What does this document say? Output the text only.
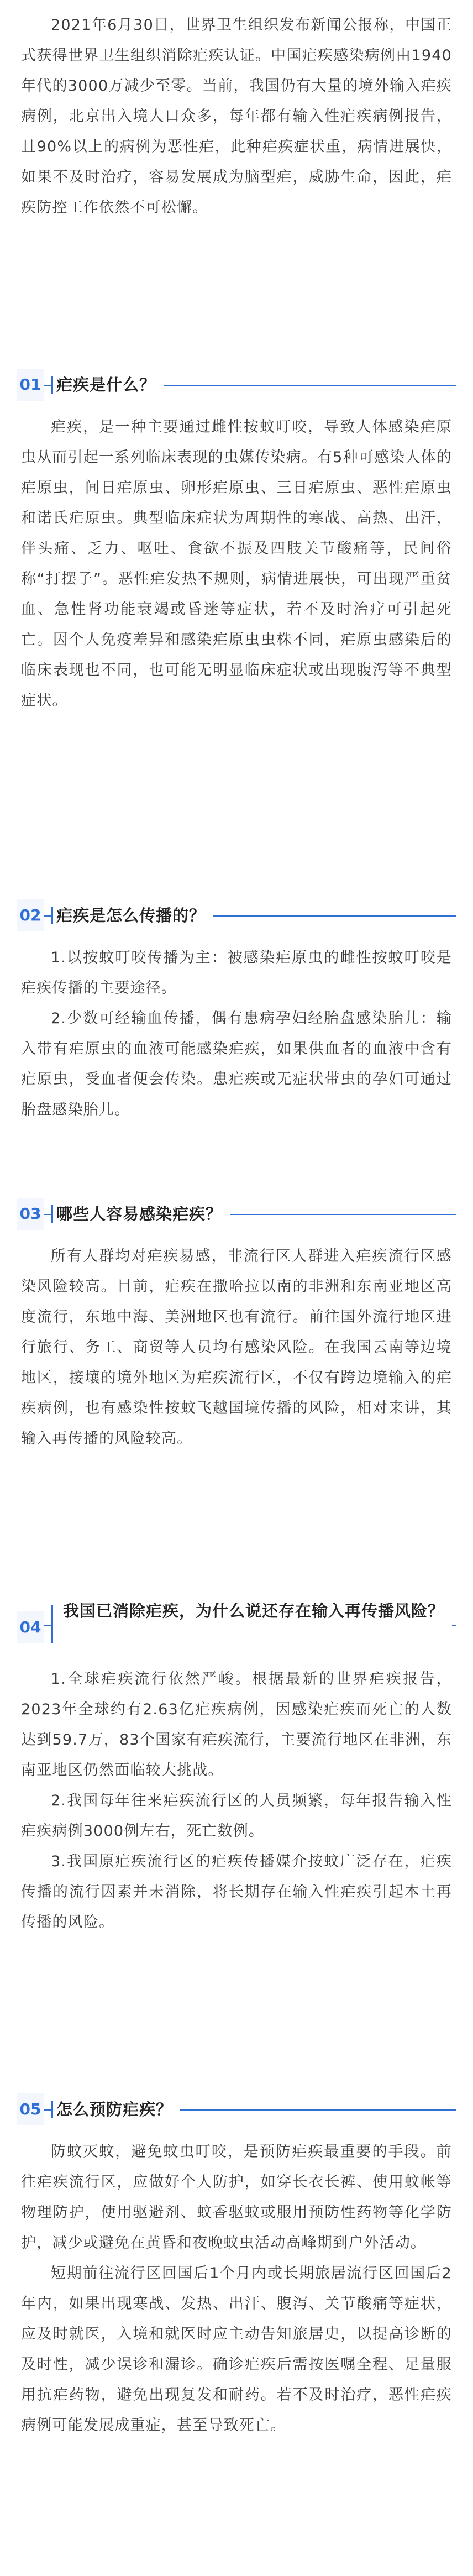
2021年6月30日，世界卫生组织发布新闻公报称，中国正式获得世界卫生组织消除疟疾认证。中国疟疾感染病例由1940年代的3000万减少至零。当前，我国仍有大量的境外输入疟疾病例，北京出入境人口众多，每年都有输入性疟疾病例报告，且90%以上的病例为恶性疟，此种疟疾症状重，病情进展快，如果不及时治疗，容易发展成为脑型疟，威胁生命，因此，疟疾防控工作依然不可松懈。

01 疟疾是什么？

疟疾，是一种主要通过雌性按蚊叮咬，导致人体感染疟原虫从而引起一系列临床表现的虫媒传染病。有5种可感染人体的疟原虫，间日疟原虫、卵形疟原虫、三日疟原虫、恶性疟原虫和诺氏疟原虫。典型临床症状为周期性的寒战、高热、出汗，伴头痛、乏力、呕吐、食欲不振及四肢关节酸痛等，民间俗称“打摆子”。恶性疟发热不规则，病情进展快，可出现严重贫血、急性肾功能衰竭或昏迷等症状，若不及时治疗可引起死亡。因个人免疫差异和感染疟原虫虫株不同，疟原虫感染后的临床表现也不同，也可能无明显临床症状或出现腹泻等不典型症状。

02 疟疾是怎么传播的？

1.以按蚊叮咬传播为主：被感染疟原虫的雌性按蚊叮咬是疟疾传播的主要途径。

2.少数可经输血传播，偶有患病孕妇经胎盘感染胎儿：输入带有疟原虫的血液可能感染疟疾，如果供血者的血液中含有疟原虫，受血者便会传染。患疟疾或无症状带虫的孕妇可通过胎盘感染胎儿。

03 哪些人容易感染疟疾？

所有人群均对疟疾易感，非流行区人群进入疟疾流行区感染风险较高。目前，疟疾在撒哈拉以南的非洲和东南亚地区高度流行，东地中海、美洲地区也有流行。前往国外流行地区进行旅行、务工、商贸等人员均有感染风险。在我国云南等边境地区，接壤的境外地区为疟疾流行区，不仅有跨边境输入的疟疾病例，也有感染性按蚊飞越国境传播的风险，相对来讲，其输入再传播的风险较高。

04
我国已消除疟疾，为什么说还存在输入再传播风险？

1.全球疟疾流行依然严峻。根据最新的世界疟疾报告，2023年全球约有2.63亿疟疾病例，因感染疟疾而死亡的人数达到59.7万，83个国家有疟疾流行，主要流行地区在非洲，东南亚地区仍然面临较大挑战。

2.我国每年往来疟疾流行区的人员频繁，每年报告输入性疟疾病例3000例左右，死亡数例。

3.我国原疟疾流行区的疟疾传播媒介按蚊广泛存在，疟疾传播的流行因素并未消除，将长期存在输入性疟疾引起本土再传播的风险。

05 怎么预防疟疾？

防蚊灭蚊，避免蚊虫叮咬，是预防疟疾最重要的手段。前往疟疾流行区，应做好个人防护，如穿长衣长裤、使用蚊帐等物理防护，使用驱避剂、蚊香驱蚊或服用预防性药物等化学防护，减少或避免在黄昏和夜晚蚊虫活动高峰期到户外活动。

短期前往流行区回国后1个月内或长期旅居流行区回国后2年内，如果出现寒战、发热、出汗、腹泻、关节酸痛等症状，应及时就医，入境和就医时应主动告知旅居史，以提高诊断的及时性，减少误诊和漏诊。确诊疟疾后需按医嘱全程、足量服用抗疟药物，避免出现复发和耐药。若不及时治疗，恶性疟疾病例可能发展成重症，甚至导致死亡。
